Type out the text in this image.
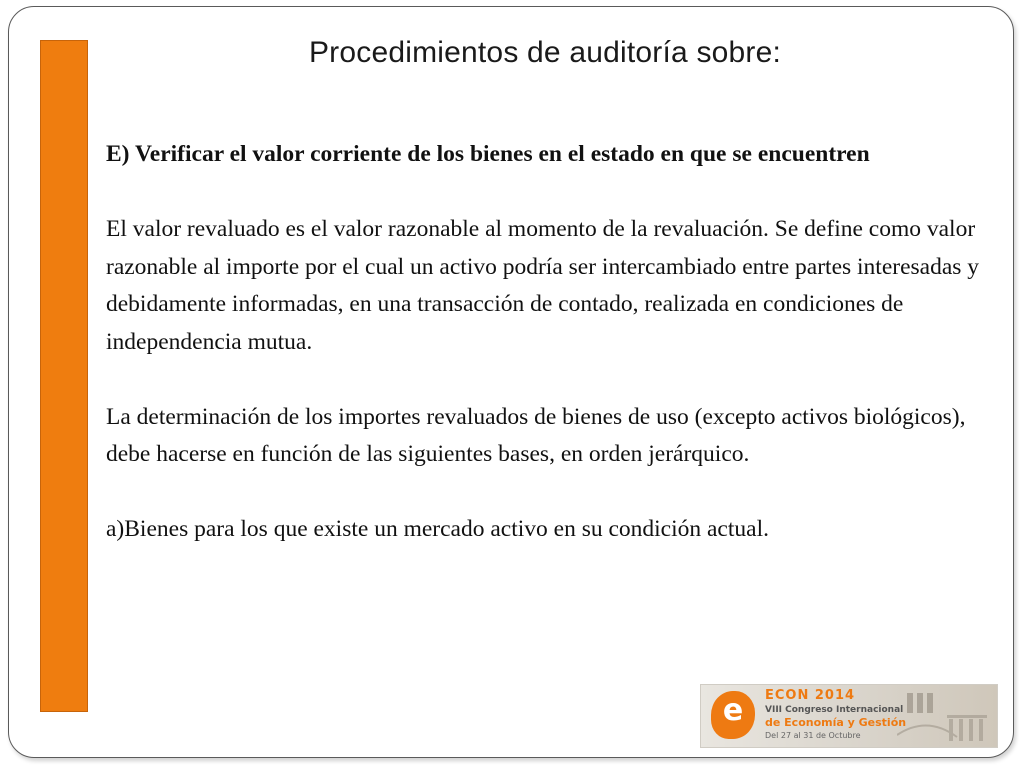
Procedimientos de auditoría sobre:

E) Verificar el valor corriente de los bienes en el estado en que se encuentren

El valor revaluado es el valor razonable al momento de la revaluación. Se define como valor razonable al importe por el cual un activo podría ser intercambiado entre partes interesadas y debidamente informadas, en una transacción de contado, realizada en condiciones de independencia mutua.

La determinación de los importes revaluados de bienes de uso (excepto activos biológicos), debe hacerse en función de las siguientes bases, en orden jerárquico.

a)Bienes para los que existe un mercado activo en su condición actual.

e	ECON 2014
VIII Congreso Internacional
de Economía y Gestión
Del 27 al 31 de Octubre
